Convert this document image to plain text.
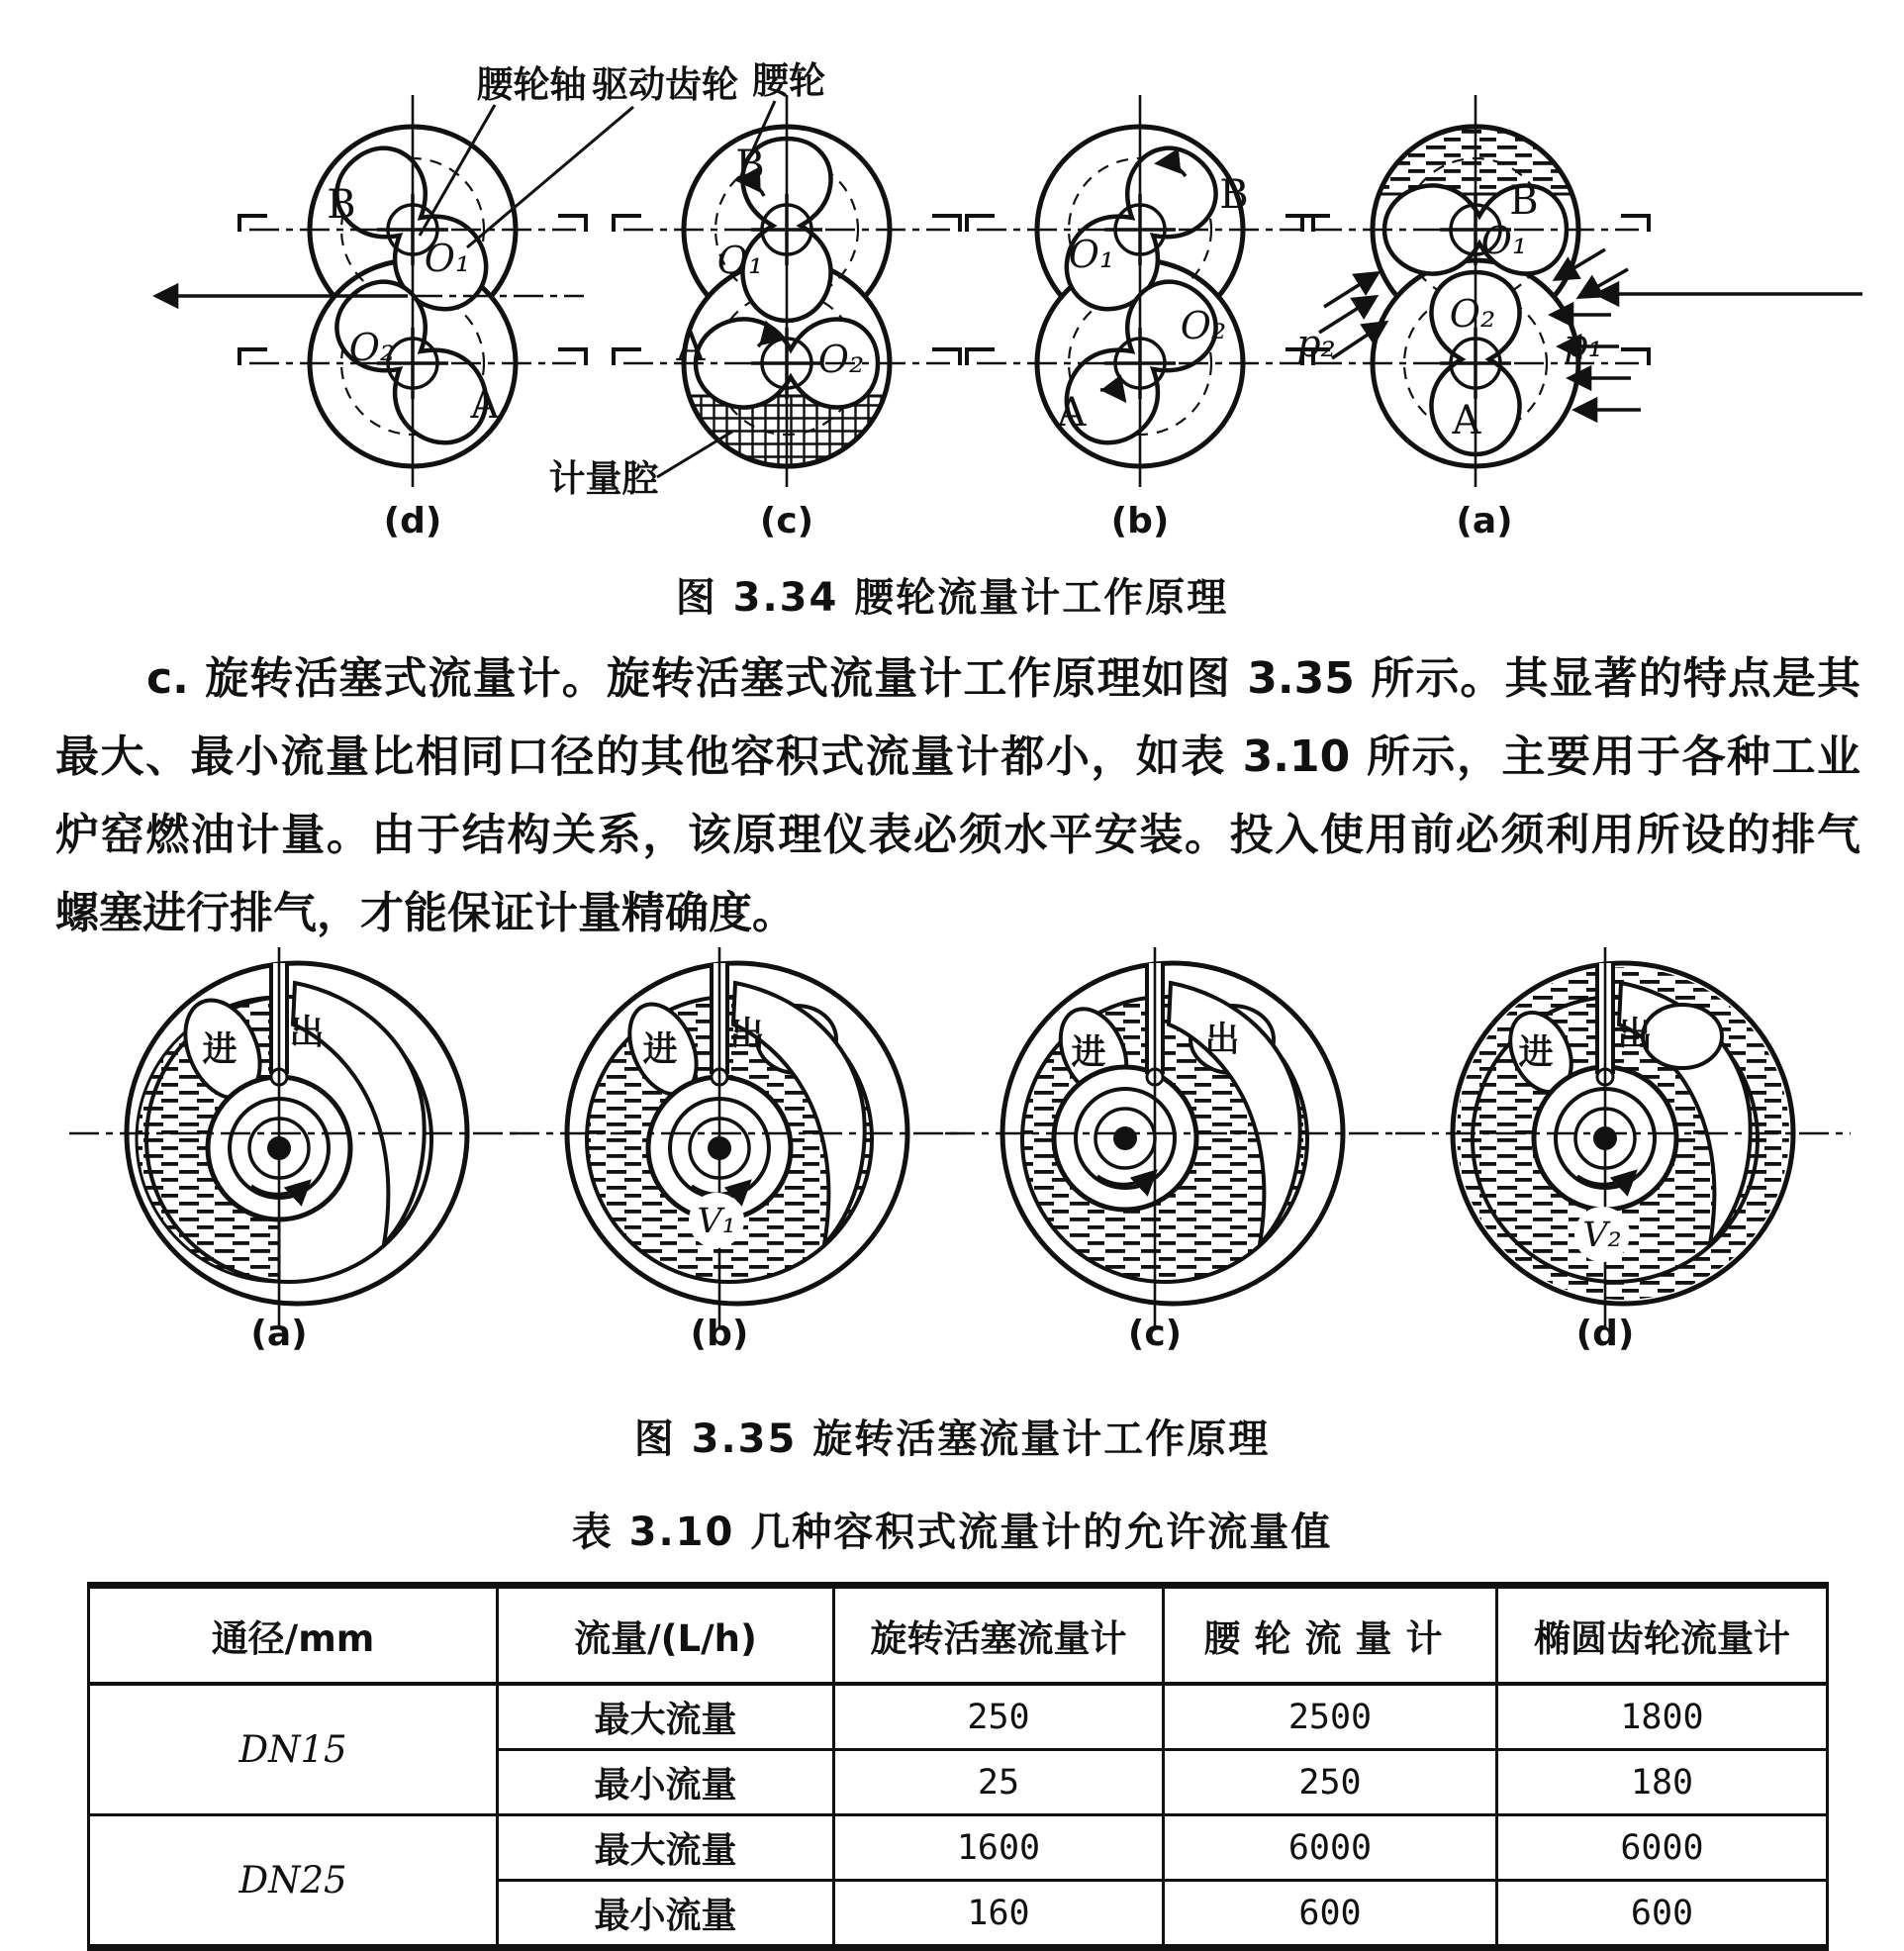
B
O₁
O₂
A
(d)
B
O₁
O₂
A
(c)
B
O₁
O₂
A
(b)
B
O₁
O₂
A
p₂	p₁
(a)
腰轮轴 驱动齿轮 腰轮
计量腔
图 3.34 腰轮流量计工作原理
c. 旋转活塞式流量计。旋转活塞式流量计工作原理如图 3.35 所示。其显著的特点是其
最大、最小流量比相同口径的其他容积式流量计都小，如表 3.10 所示，主要用于各种工业
炉窑燃油计量。由于结构关系，该原理仪表必须水平安装。投入使用前必须利用所设的排气
螺塞进行排气，才能保证计量精确度。
进 出
(a)
V₁
进 出
(b)
进	出
(c)
V₂
进 出
(d)
图 3.35 旋转活塞流量计工作原理
表 3.10 几种容积式流量计的允许流量值
通径/mm	流量/(L/h)	旋转活塞流量计	腰轮流量计	椭圆齿轮流量计
DN15	最大流量	250	2500	1800
	最小流量	25	250	180
DN25	最大流量	1600	6000	6000
	最小流量	160	600	600
